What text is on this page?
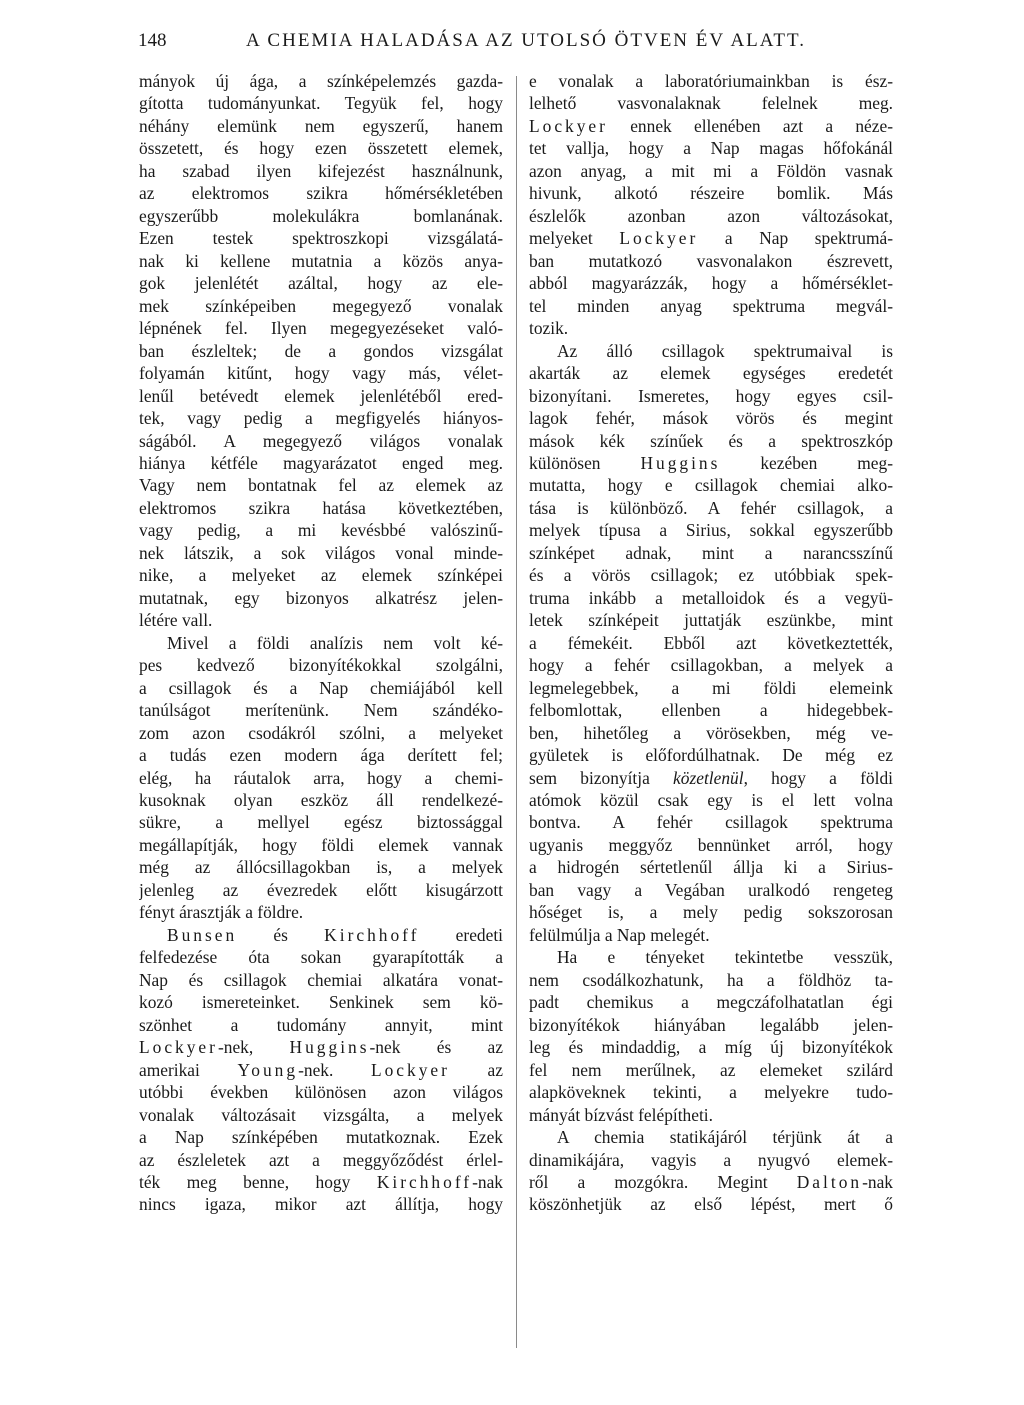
148	A CHEMIA HALADÁSA AZ UTOLSÓ ÖTVEN ÉV ALATT.
mányok új ága, a színképelemzés gazda-
gította tudományunkat. Tegyük fel, hogy
néhány elemünk nem egyszerű, hanem
összetett, és hogy ezen összetett elemek,
ha szabad ilyen kifejezést használnunk,
az elektromos szikra hőmérsékletében
egyszerűbb molekulákra bomlanának.
Ezen testek spektroszkopi vizsgálatá-
nak ki kellene mutatnia a közös anya-
gok jelenlétét azáltal, hogy az ele-
mek színképeiben megegyező vonalak
lépnének fel. Ilyen megegyezéseket való-
ban észleltek; de a gondos vizsgálat
folyamán kitűnt, hogy vagy más, vélet-
lenűl betévedt elemek jelenlétéből ered-
tek, vagy pedig a megfigyelés hiányos-
ságából. A megegyező világos vonalak
hiánya kétféle magyarázatot enged meg.
Vagy nem bontatnak fel az elemek az
elektromos szikra hatása következtében,
vagy pedig, a mi kevésbbé valószinű-
nek látszik, a sok világos vonal minde-
nike, a melyeket az elemek színképei
mutatnak, egy bizonyos alkatrész jelen-
létére vall.
Mivel a földi analízis nem volt ké-
pes kedvező bizonyítékokkal szolgálni,
a csillagok és a Nap chemiájából kell
tanúlságot merítenünk. Nem szándéko-
zom azon csodákról szólni, a melyeket
a tudás ezen modern ága derített fel;
elég, ha ráutalok arra, hogy a chemi-
kusoknak olyan eszköz áll rendelkezé-
sükre, a mellyel egész biztossággal
megállapítják, hogy földi elemek vannak
még az állócsillagokban is, a melyek
jelenleg az évezredek előtt kisugárzott
fényt árasztják a földre.
Bunsen és Kirchhoff eredeti
felfedezése óta sokan gyarapították a
Nap és csillagok chemiai alkatára vonat-
kozó ismereteinket. Senkinek sem kö-
szönhet a tudomány annyit, mint
Lockyer-nek, Huggins-nek és az
amerikai Young-nek. Lockyer az
utóbbi években különösen azon világos
vonalak változásait vizsgálta, a melyek
a Nap színképében mutatkoznak. Ezek
az észleletek azt a meggyőződést érlel-
ték meg benne, hogy Kirchhoff-nak
nincs igaza, mikor azt állítja, hogy
e vonalak a laboratóriumainkban is ész-
lelhető vasvonalaknak felelnek meg.
Lockyer ennek ellenében azt a néze-
tet vallja, hogy a Nap magas hőfokánál
azon anyag, a mit mi a Földön vasnak
hivunk, alkotó részeire bomlik. Más
észlelők azonban azon változásokat,
melyeket Lockyer a Nap spektrumá-
ban mutatkozó vasvonalakon észrevett,
abból magyarázzák, hogy a hőmérséklet-
tel minden anyag spektruma megvál-
tozik.
Az álló csillagok spektrumaival is
akarták az elemek egységes eredetét
bizonyítani. Ismeretes, hogy egyes csil-
lagok fehér, mások vörös és megint
mások kék színűek és a spektroszkóp
különösen Huggins kezében meg-
mutatta, hogy e csillagok chemiai alko-
tása is különböző. A fehér csillagok, a
melyek típusa a Sirius, sokkal egyszerűbb
színképet adnak, mint a narancsszínű
és a vörös csillagok; ez utóbbiak spek-
truma inkább a metalloidok és a vegyü-
letek színképeit juttatják eszünkbe, mint
a fémekéit. Ebből azt következtették,
hogy a fehér csillagokban, a melyek a
legmelegebbek, a mi földi elemeink
felbomlottak, ellenben a hidegebbek-
ben, hihetőleg a vörösekben, még ve-
gyületek is előfordúlhatnak. De még ez
sem bizonyítja közetlenül, hogy a földi
atómok közül csak egy is el lett volna
bontva. A fehér csillagok spektruma
ugyanis meggyőz bennünket arról, hogy
a hidrogén sértetlenűl állja ki a Sirius-
ban vagy a Vegában uralkodó rengeteg
hőséget is, a mely pedig sokszorosan
felülmúlja a Nap melegét.
Ha e tényeket tekintetbe vesszük,
nem csodálkozhatunk, ha a földhöz ta-
padt chemikus a megczáfolhatatlan égi
bizonyítékok hiányában legalább jelen-
leg és mindaddig, a míg új bizonyítékok
fel nem merűlnek, az elemeket szilárd
alapköveknek tekinti, a melyekre tudo-
mányát bízvást felépítheti.
A chemia statikájáról térjünk át a
dinamikájára, vagyis a nyugvó elemek-
ről a mozgókra. Megint Dalton-nak
köszönhetjük az első lépést, mert ő
